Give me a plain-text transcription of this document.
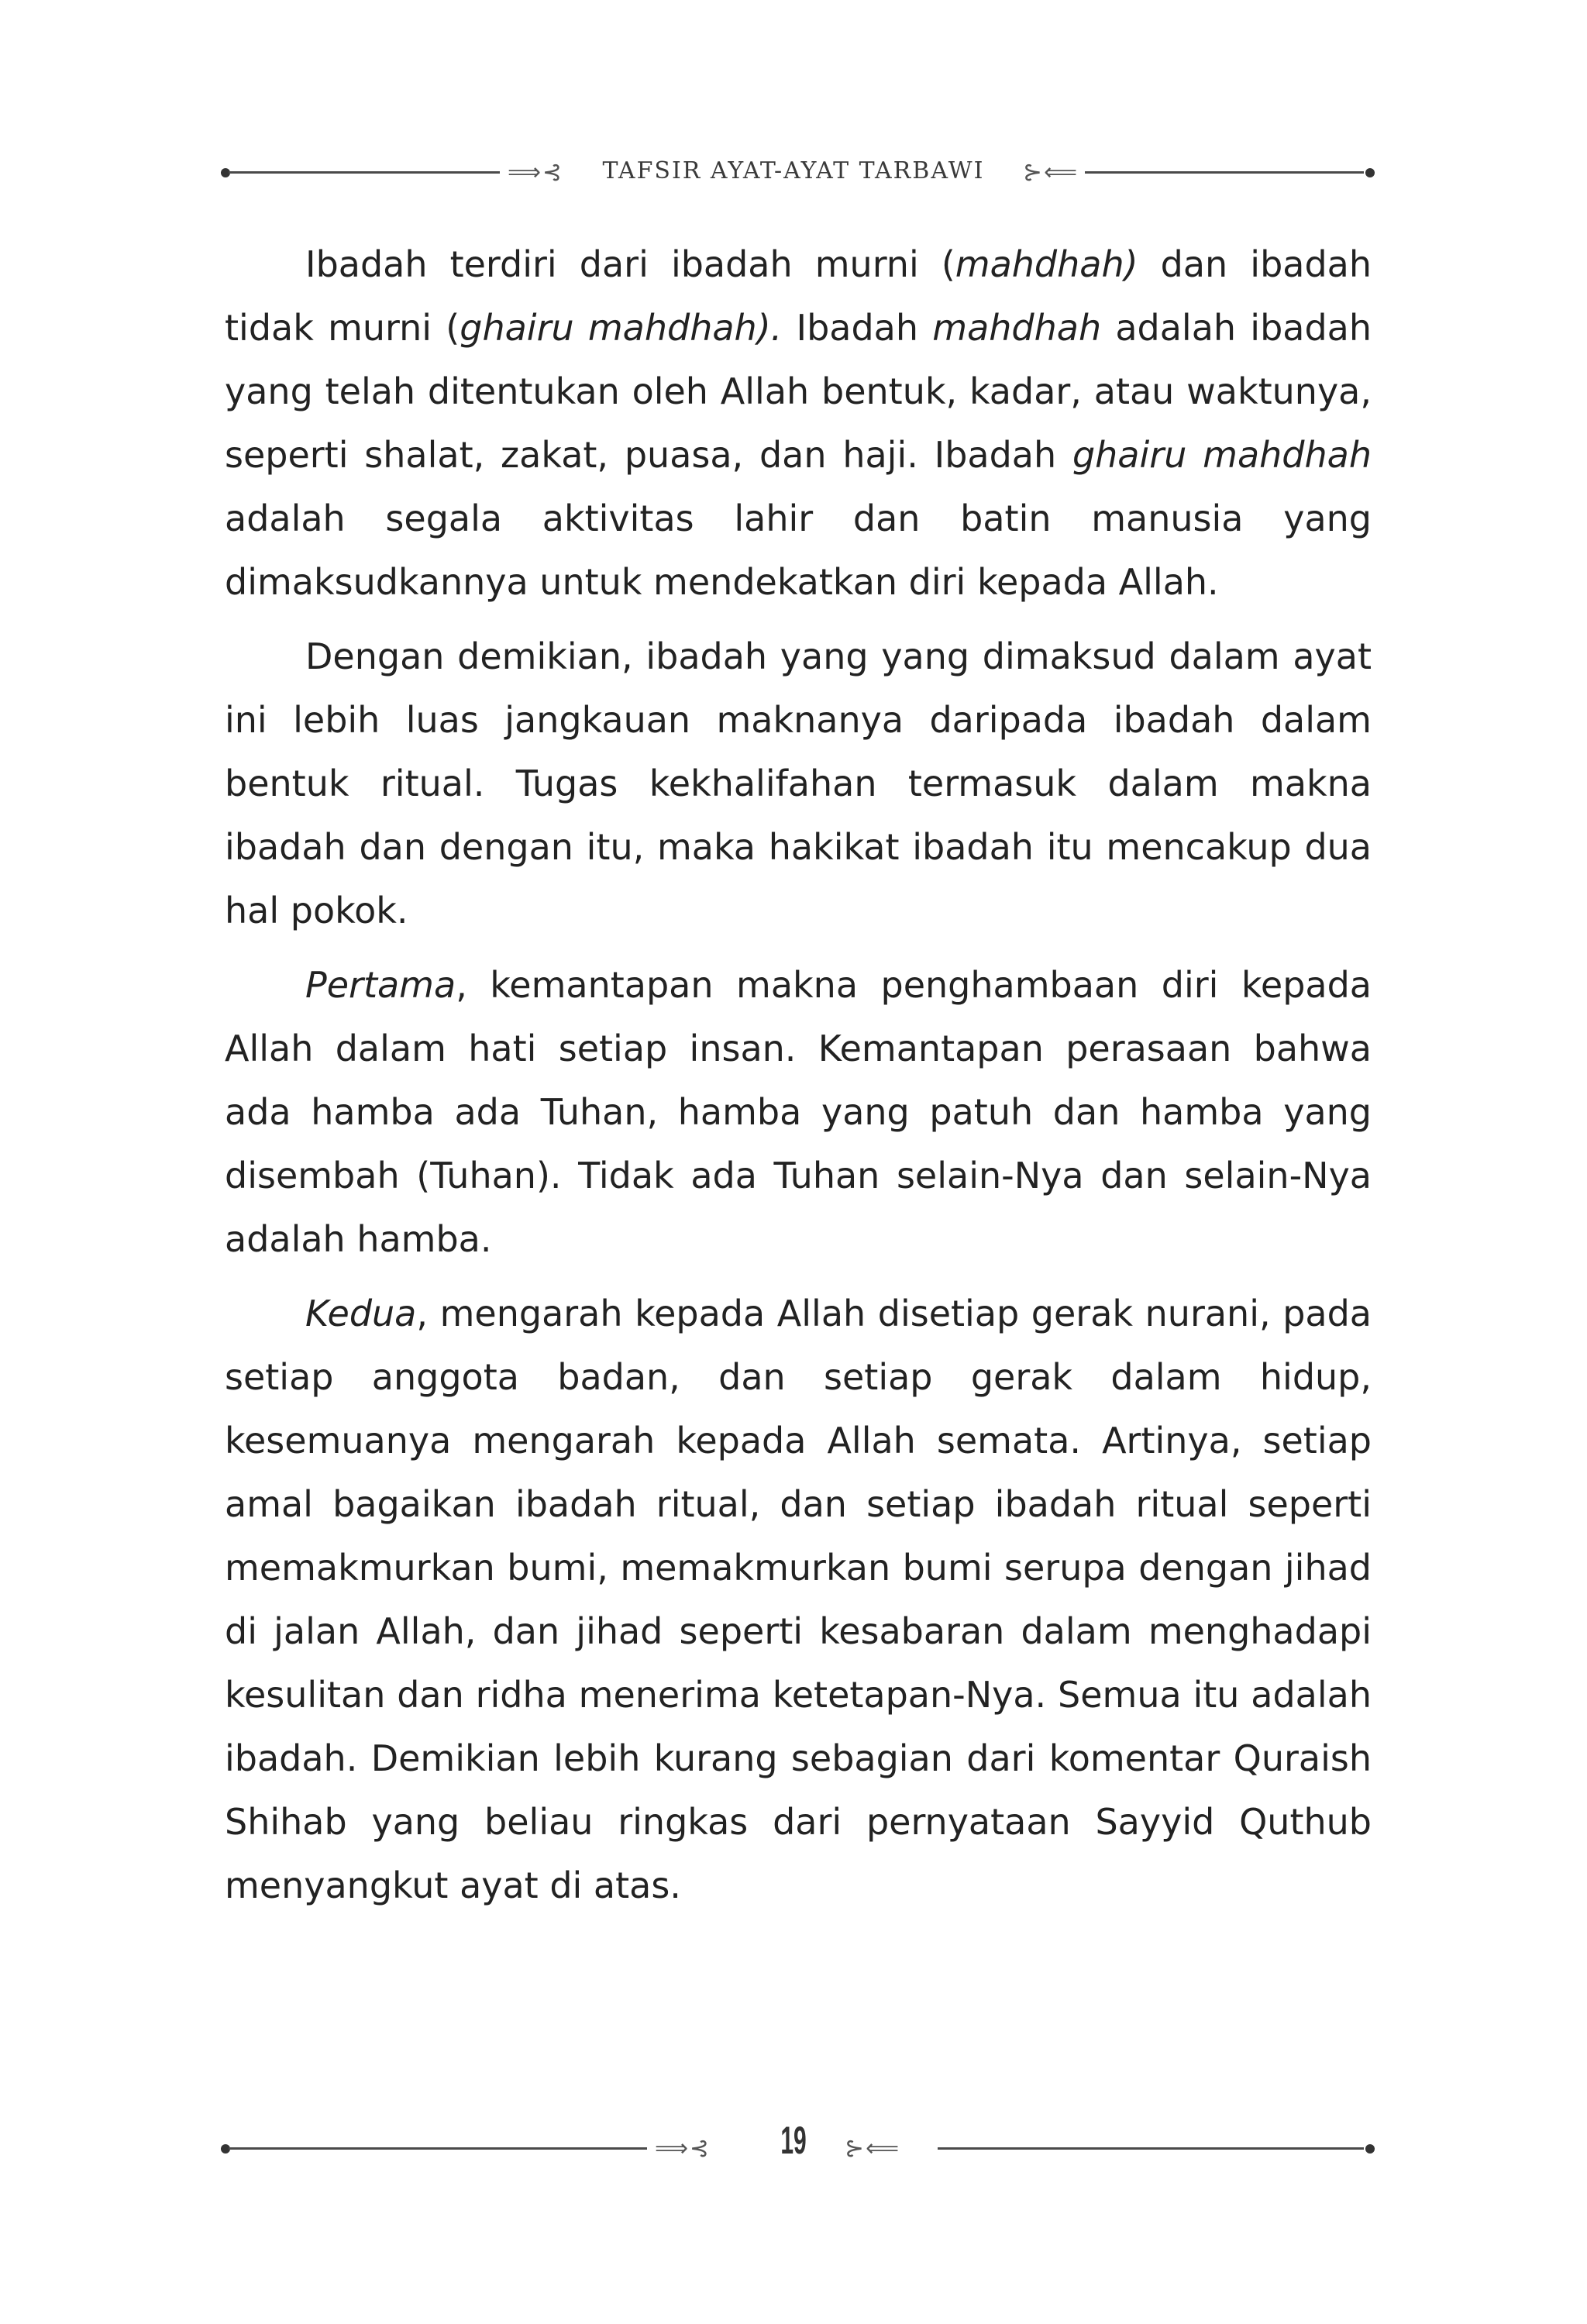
⟹⊰	TAFSIR AYAT-AYAT TARBAWI	⊱⟸

Ibadah terdiri dari ibadah murni (mahdhah) dan ibadah tidak murni (ghairu mahdhah). Ibadah mahdhah adalah ibadah yang telah ditentukan oleh Allah bentuk, kadar, atau waktunya, seperti shalat, zakat, puasa, dan haji. Ibadah ghairu mahdhah adalah segala aktivitas lahir dan batin manusia yang dimaksudkannya untuk mendekatkan diri kepada Allah.

Dengan demikian, ibadah yang yang dimaksud dalam ayat ini lebih luas jangkauan maknanya daripada ibadah dalam bentuk ritual. Tugas kekhalifahan termasuk dalam makna ibadah dan dengan itu, maka hakikat ibadah itu mencakup dua hal pokok.

Pertama, kemantapan makna penghambaan diri kepada Allah dalam hati setiap insan. Kemantapan perasaan bahwa ada hamba ada Tuhan, hamba yang patuh dan hamba yang disembah (Tuhan). Tidak ada Tuhan selain-Nya dan selain-Nya adalah hamba.

Kedua, mengarah kepada Allah disetiap gerak nurani, pada setiap anggota badan, dan setiap gerak dalam hidup, kesemuanya mengarah kepada Allah semata. Artinya, setiap amal bagaikan ibadah ritual, dan setiap ibadah ritual seperti memakmurkan bumi, memakmurkan bumi serupa dengan jihad di jalan Allah, dan jihad seperti kesabaran dalam menghadapi kesulitan dan ridha menerima ketetapan-Nya. Semua itu adalah ibadah. Demikian lebih kurang sebagian dari komentar Quraish Shihab yang beliau ringkas dari pernyataan Sayyid Quthub menyangkut ayat di atas.

⟹⊰ 19	⊱⟸
